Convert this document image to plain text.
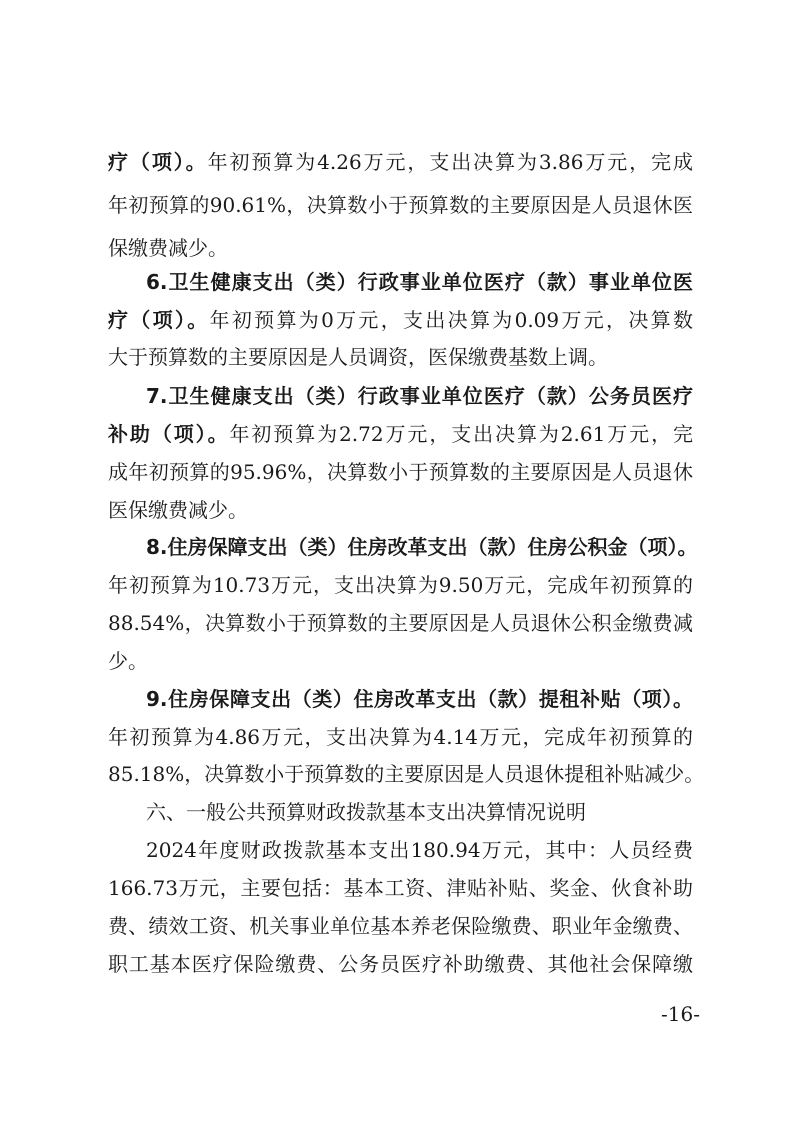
疗（项）。年初预算为4.26万元，支出决算为3.86万元，完成
年初预算的90.61%，决算数小于预算数的主要原因是人员退休医
保缴费减少。
6.卫生健康支出（类）行政事业单位医疗（款）事业单位医
疗（项）。年初预算为0万元，支出决算为0.09万元，决算数
大于预算数的主要原因是人员调资，医保缴费基数上调。
7.卫生健康支出（类）行政事业单位医疗（款）公务员医疗
补助（项）。年初预算为2.72万元，支出决算为2.61万元，完
成年初预算的95.96%，决算数小于预算数的主要原因是人员退休
医保缴费减少。
8.住房保障支出（类）住房改革支出（款）住房公积金（项）。
年初预算为10.73万元，支出决算为9.50万元，完成年初预算的
88.54%，决算数小于预算数的主要原因是人员退休公积金缴费减
少。
9.住房保障支出（类）住房改革支出（款）提租补贴（项）。
年初预算为4.86万元，支出决算为4.14万元，完成年初预算的
85.18%，决算数小于预算数的主要原因是人员退休提租补贴减少。
六、一般公共预算财政拨款基本支出决算情况说明
2024年度财政拨款基本支出180.94万元，其中：人员经费
166.73万元，主要包括：基本工资、津贴补贴、奖金、伙食补助
费、绩效工资、机关事业单位基本养老保险缴费、职业年金缴费、
职工基本医疗保险缴费、公务员医疗补助缴费、其他社会保障缴
-16-
